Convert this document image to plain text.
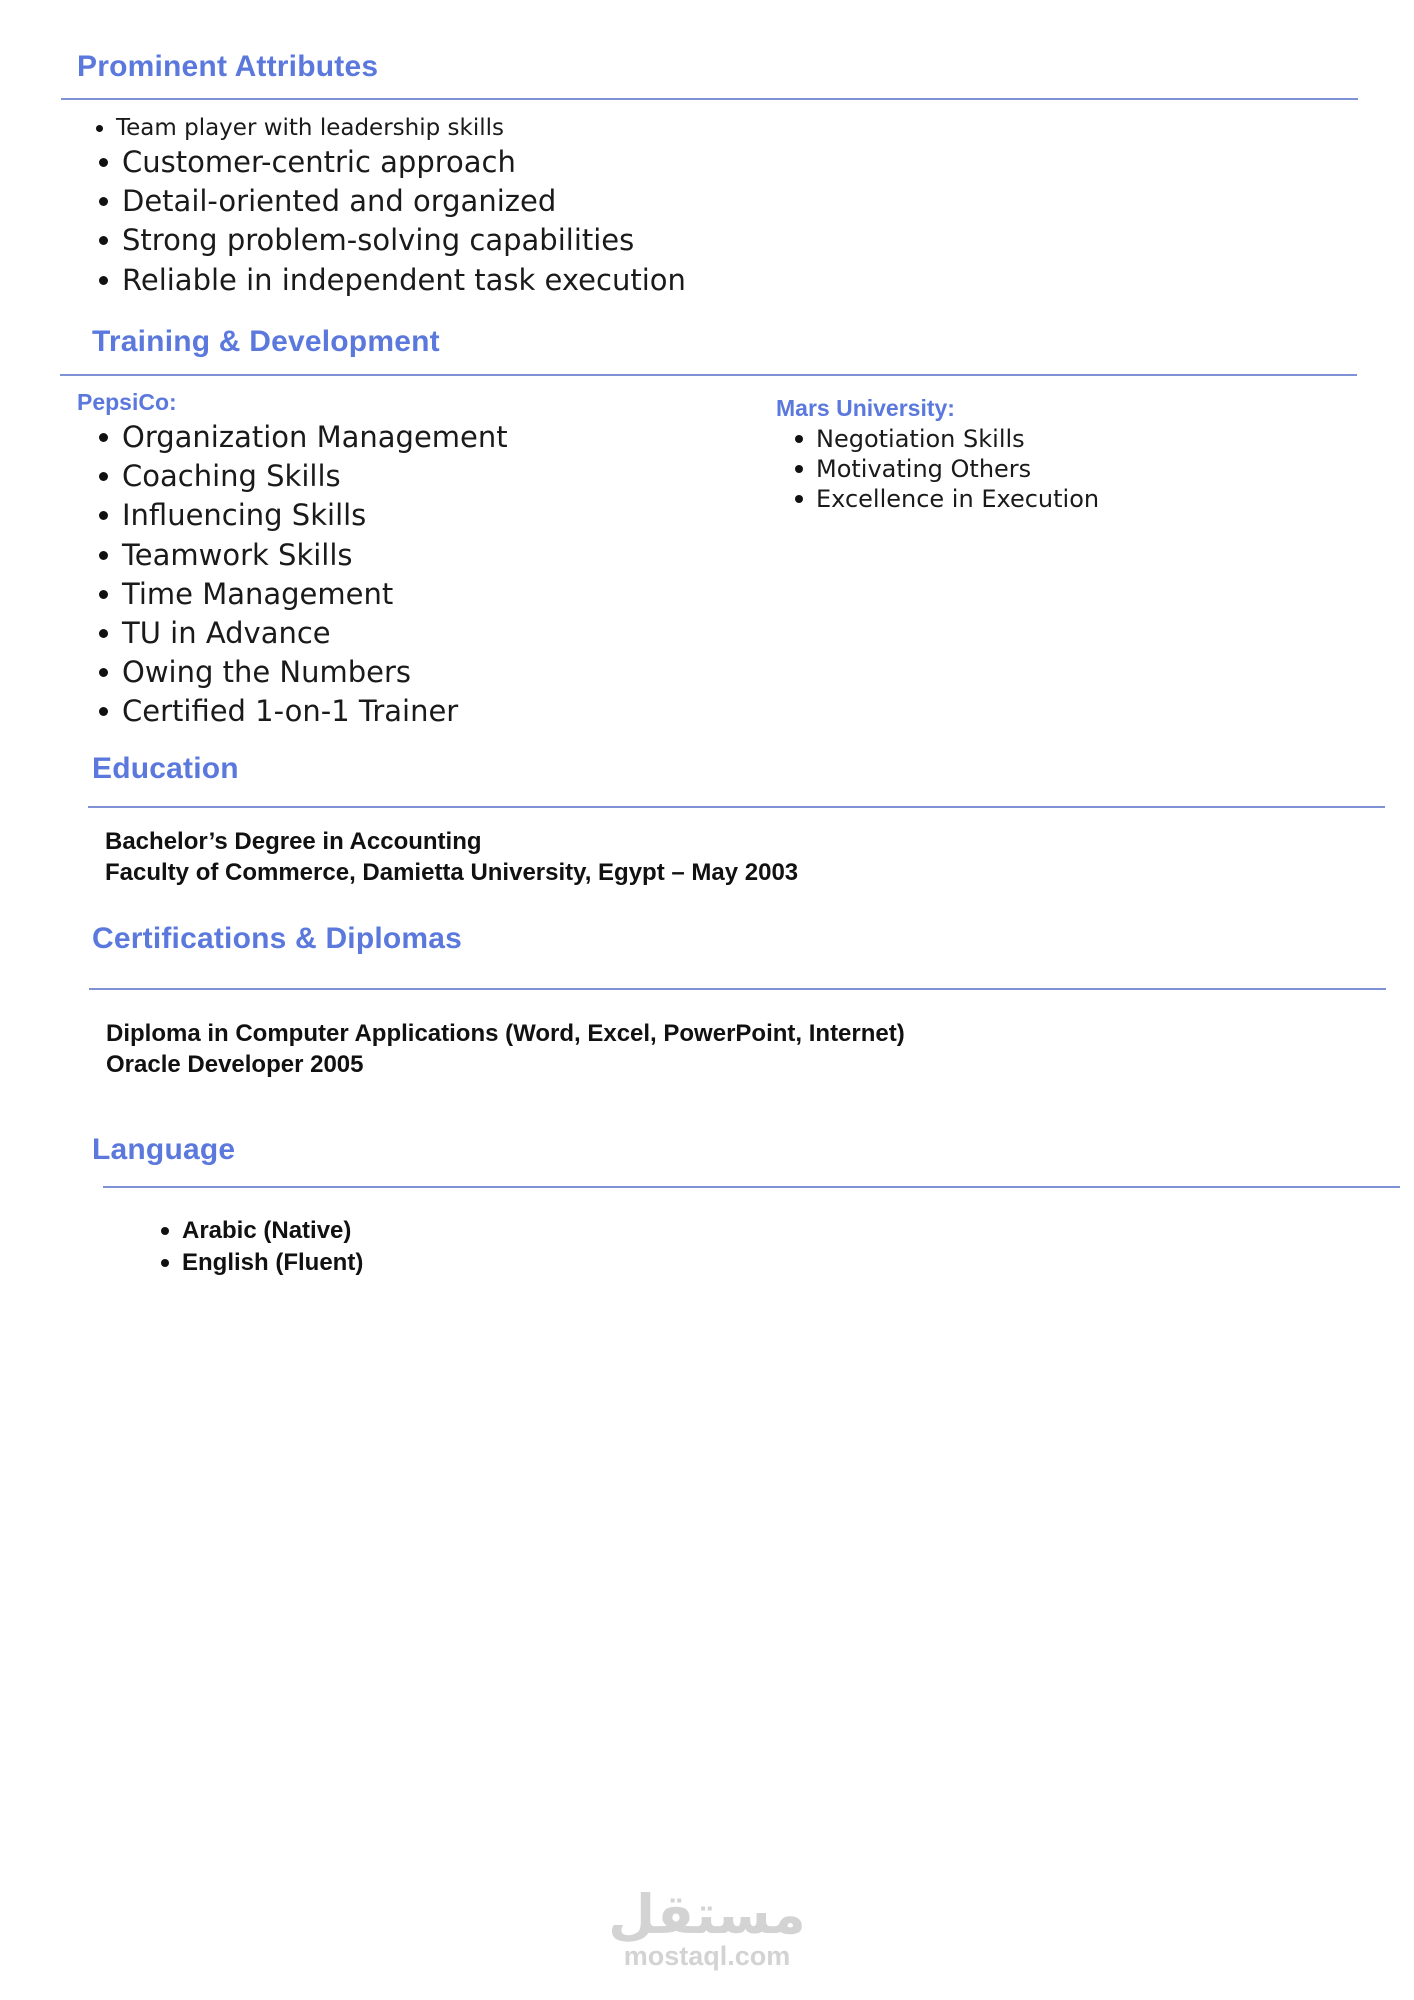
Prominent Attributes
Team player with leadership skills
Customer-centric approach
Detail-oriented and organized
Strong problem-solving capabilities
Reliable in independent task execution
Training & Development
PepsiCo:
Organization Management
Coaching Skills
Influencing Skills
Teamwork Skills
Time Management
TU in Advance
Owing the Numbers
Certified 1-on-1 Trainer
Mars University:
Negotiation Skills
Motivating Others
Excellence in Execution
Education
Bachelor’s Degree in Accounting
Faculty of Commerce, Damietta University, Egypt – May 2003
Certifications & Diplomas
Diploma in Computer Applications (Word, Excel, PowerPoint, Internet)
Oracle Developer 2005
Language
Arabic (Native)
English (Fluent)
مستقل
mostaql.com
